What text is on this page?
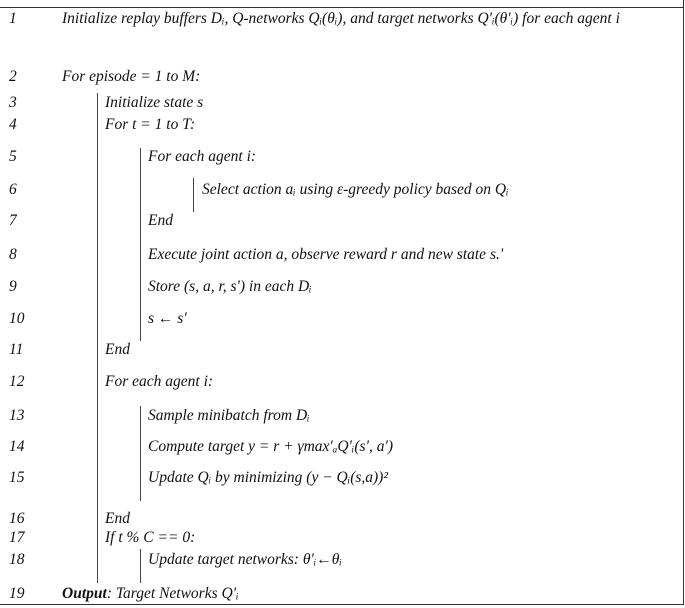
1	Initialize replay buffers Dᵢ, Q-networks Qᵢ(θᵢ), and target networks Q′ᵢ(θ′ᵢ) for each agent i
2	For episode = 1 to M:
3	Initialize state s
4	For t = 1 to T:
5	For each agent i:
6	Select action aᵢ using ε-greedy policy based on Qᵢ
7	End
8	Execute joint action a, observe reward r and new state s.'
9	Store (s, a, r, s') in each Dᵢ
10	s ← s′
11	End
12	For each agent i:
13	Sample minibatch from Dᵢ
14	Compute target y = r + γmax′ₐQ′ᵢ(s′, a′)
15	Update Qᵢ by minimizing (y − Qᵢ(s,a))²
16	End
17	If t % C == 0:
18	Update target networks: θ′ᵢ←θᵢ
19 Output: Target Networks Q′ᵢ
